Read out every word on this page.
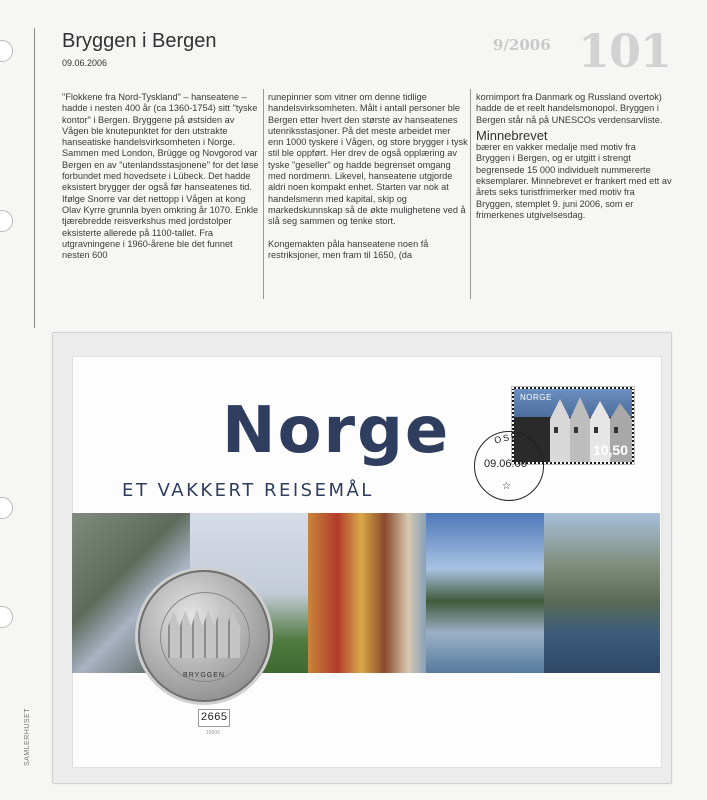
SAMLERHUSET
Bryggen i Bergen
09.06.2006
9/2006 101

"Flokkene fra Nord-Tyskland" – hanseatene – hadde i nesten 400 år (ca 1360-1754) sitt "tyske kontor" i Bergen. Bryggene på østsiden av Vågen ble knutepunktet for den utstrakte hanseatiske handelsvirksomheten i Norge. Sammen med London, Brügge og Novgorod var Bergen en av "utenlandsstasjonene" for det løse forbundet med hovedsete i Lübeck. Det hadde eksistert brygger der også før hanseatenes tid. Ifølge Snorre var det nettopp i Vågen at kong Olav Kyrre grunnla byen omkring år 1070. Enkle tjærebredde reisverkshus med jordstolper eksisterte allerede på 1100-tallet. Fra utgravningene i 1960-årene ble det funnet nesten 600

runepinner som vitner om denne tidlige handelsvirksomheten. Målt i antall personer ble Bergen etter hvert den største av hanseatenes utenriksstasjoner. På det meste arbeidet mer enn 1000 tyskere i Vågen, og store brygger i tysk stil ble oppført. Her drev de også opplæring av tyske "geseller" og hadde begrenset omgang med nordmenn. Likevel, hanseatene utgjorde aldri noen kompakt enhet. Starten var nok at handelsmenn med kapital, skip og markedskunnskap så de økte mulighetene ved å slå seg sammen og tenke stort.

Kongemakten påla hanseatene noen få restriksjoner, men fram til 1650, (da

kornimport fra Danmark og Russland overtok) hadde de et reelt handelsmonopol. Bryggen i Bergen står nå på UNESCOs verdensarvliste.

Minnebrevet

bærer en vakker medalje med motiv fra Bryggen i Bergen, og er utgitt i strengt begrensede 15 000 individuelt nummererte eksemplarer. Minnebrevet er frankert med ett av årets seks turistfrimerker med motiv fra Bryggen, stemplet 9. juni 2006, som er frimerkenes utgivelsesdag.

Norge
ET VAKKERT REISEMÅL
NORGE
10,50
OSLO
09.06.06
☆
BRYGGEN
2665
15000
